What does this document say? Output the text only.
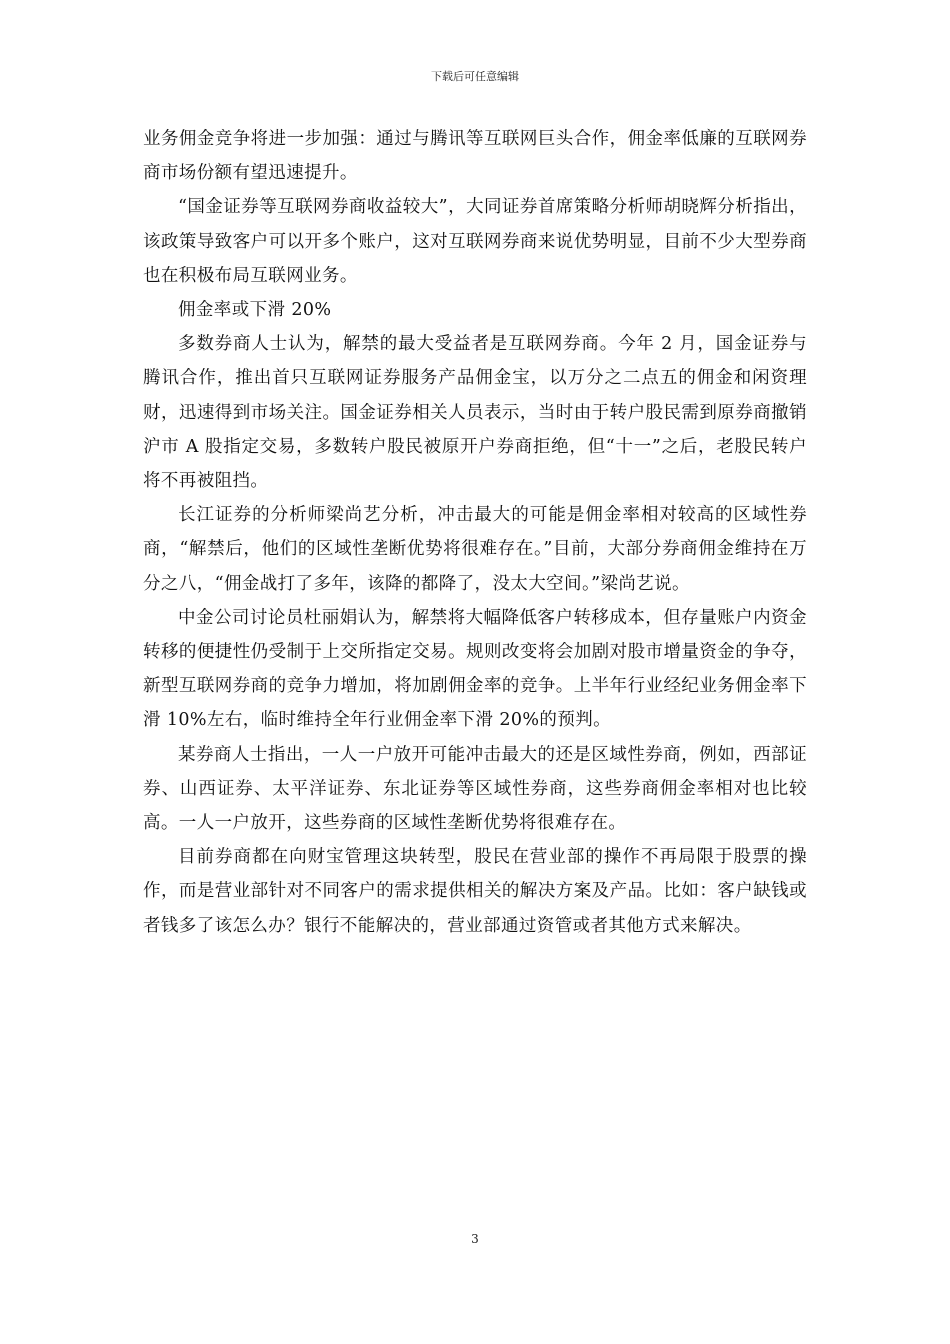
下载后可任意编辑

业务佣金竞争将进一步加强：通过与腾讯等互联网巨头合作，佣金率低廉的互联网券商市场份额有望迅速提升。

“国金证券等互联网券商收益较大”，大同证券首席策略分析师胡晓辉分析指出，该政策导致客户可以开多个账户，这对互联网券商来说优势明显，目前不少大型券商也在积极布局互联网业务。

佣金率或下滑 20%

多数券商人士认为，解禁的最大受益者是互联网券商。今年 2 月，国金证券与腾讯合作，推出首只互联网证券服务产品佣金宝，以万分之二点五的佣金和闲资理财，迅速得到市场关注。国金证券相关人员表示，当时由于转户股民需到原券商撤销沪市 A 股指定交易，多数转户股民被原开户券商拒绝，但“十一”之后，老股民转户将不再被阻挡。

长江证券的分析师梁尚艺分析，冲击最大的可能是佣金率相对较高的区域性券商，“解禁后，他们的区域性垄断优势将很难存在。”目前，大部分券商佣金维持在万分之八，“佣金战打了多年，该降的都降了，没太大空间。”梁尚艺说。

中金公司讨论员杜丽娟认为，解禁将大幅降低客户转移成本，但存量账户内资金转移的便捷性仍受制于上交所指定交易。规则改变将会加剧对股市增量资金的争夺，新型互联网券商的竞争力增加，将加剧佣金率的竞争。上半年行业经纪业务佣金率下滑 10%左右，临时维持全年行业佣金率下滑 20%的预判。

某券商人士指出，一人一户放开可能冲击最大的还是区域性券商，例如，西部证券、山西证券、太平洋证券、东北证券等区域性券商，这些券商佣金率相对也比较高。一人一户放开，这些券商的区域性垄断优势将很难存在。

目前券商都在向财宝管理这块转型，股民在营业部的操作不再局限于股票的操作，而是营业部针对不同客户的需求提供相关的解决方案及产品。比如：客户缺钱或者钱多了该怎么办？银行不能解决的，营业部通过资管或者其他方式来解决。

3
